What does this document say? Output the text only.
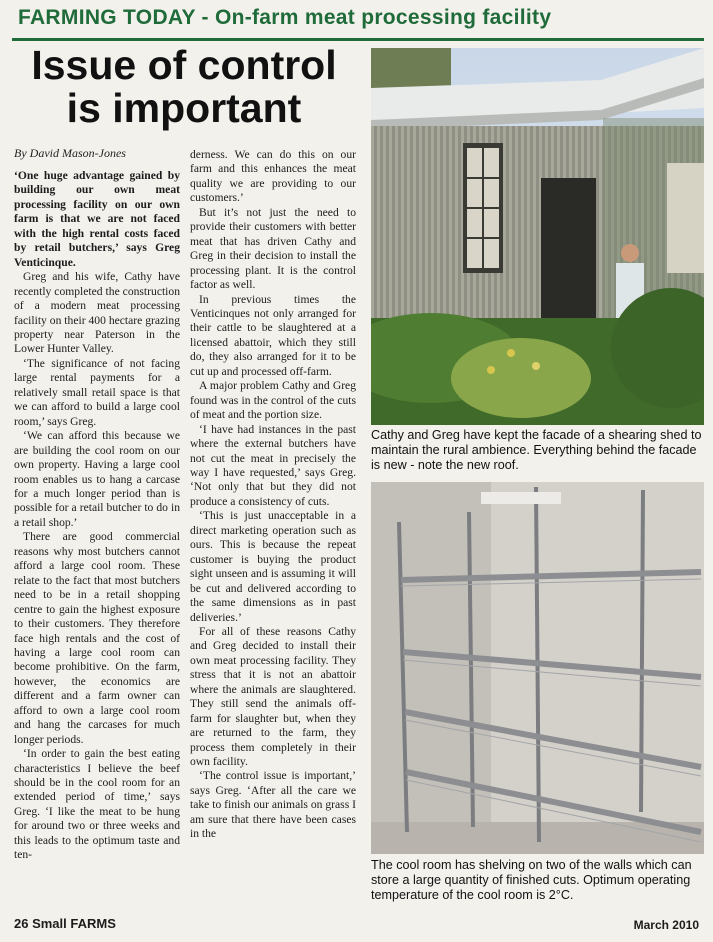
FARMING TODAY - On-farm meat processing facility
Issue of control
is important
By David Mason-Jones

‘One huge advantage gained by building our own meat processing facility on our own farm is that we are not faced with the high rental costs faced by retail butchers,’ says Greg Venticinque.

Greg and his wife, Cathy have recently completed the construction of a modern meat processing facility on their 400 hectare grazing property near Paterson in the Lower Hunter Valley.

‘The significance of not facing large rental payments for a relatively small retail space is that we can afford to build a large cool room,’ says Greg.

‘We can afford this because we are building the cool room on our own property. Having a large cool room enables us to hang a carcase for a much longer period than is possible for a retail butcher to do in a retail shop.’

There are good commercial reasons why most butchers cannot afford a large cool room. These relate to the fact that most butchers need to be in a retail shopping centre to gain the highest exposure to their customers. They therefore face high rentals and the cost of having a large cool room can become prohibitive. On the farm, however, the economics are different and a farm owner can afford to own a large cool room and hang the carcases for much longer periods.

‘In order to gain the best eating characteristics I believe the beef should be in the cool room for an extended period of time,’ says Greg. ‘I like the meat to be hung for around two or three weeks and this leads to the optimum taste and ten-

derness. We can do this on our farm and this enhances the meat quality we are providing to our customers.’

But it’s not just the need to provide their customers with better meat that has driven Cathy and Greg in their decision to install the processing plant. It is the control factor as well.

In previous times the Venticinques not only arranged for their cattle to be slaughtered at a licensed abattoir, which they still do, they also arranged for it to be cut up and processed off-farm.

A major problem Cathy and Greg found was in the control of the cuts of meat and the portion size.

‘I have had instances in the past where the external butchers have not cut the meat in precisely the way I have requested,’ says Greg. ‘Not only that but they did not produce a consistency of cuts.

‘This is just unacceptable in a direct marketing operation such as ours. This is because the repeat customer is buying the product sight unseen and is assuming it will be cut and delivered according to the same dimensions as in past deliveries.’

For all of these reasons Cathy and Greg decided to install their own meat processing facility. They stress that it is not an abattoir where the animals are slaughtered. They still send the animals off-farm for slaughter but, when they are returned to the farm, they process them completely in their own facility.

‘The control issue is important,’ says Greg. ‘After all the care we take to finish our animals on grass I am sure that there have been cases in the

Cathy and Greg have kept the facade of a shearing shed to maintain the rural ambience. Everything behind the facade is new - note the new roof.
The cool room has shelving on two of the walls which can store a large quantity of finished cuts. Optimum operating temperature of the cool room is 2°C.
26 Small FARMS	March 2010
